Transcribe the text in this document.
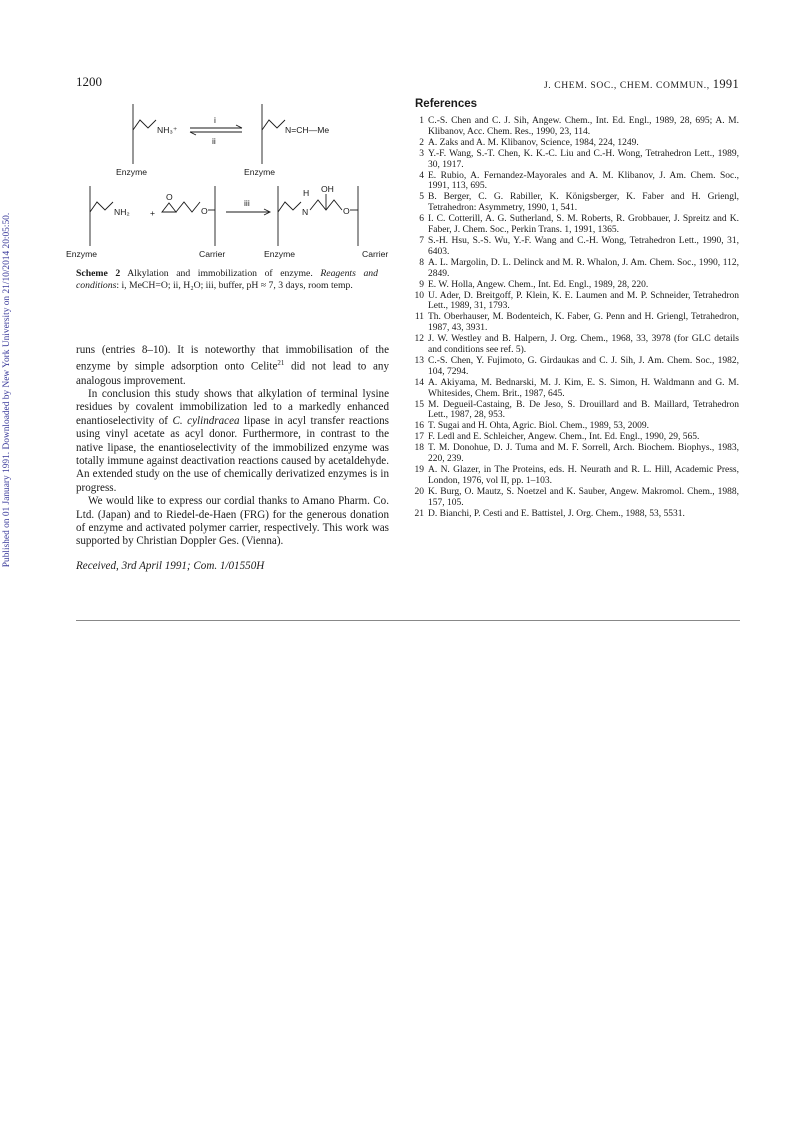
Published on 01 January 1991. Downloaded by New York University on 21/10/2014 20:05:50.
1200	J. CHEM. SOC., CHEM. COMMUN., 1991
NH₃⁺
i
ii
Enzyme
N=CH—Me
Enzyme
NH₂ +
O
O
Carrier
Enzyme
iii
H
N
OH
O
Enzyme	Carrier
Scheme 2 Alkylation and immobilization of enzyme. Reagents and conditions: i, MeCH=O; ii, H₂O; iii, buffer, pH ≈ 7, 3 days, room temp.

runs (entries 8–10). It is noteworthy that immobilisation of the enzyme by simple adsorption onto Celite$^{21}$ did not lead to any analogous improvement.

In conclusion this study shows that alkylation of terminal lysine residues by covalent immobilization led to a markedly enhanced enantioselectivity of C. cylindracea lipase in acyl transfer reactions using vinyl acetate as acyl donor. Furthermore, in contrast to the native lipase, the enantioselectivity of the immobilized enzyme was totally immune against deactivation reactions caused by acetaldehyde. An extended study on the use of chemically derivatized enzymes is in progress.

We would like to express our cordial thanks to Amano Pharm. Co. Ltd. (Japan) and to Riedel-de-Haen (FRG) for the generous donation of enzyme and activated polymer carrier, respectively. This work was supported by Christian Doppler Ges. (Vienna).

Received, 3rd April 1991; Com. 1/01550H

References
1 C.-S. Chen and C. J. Sih, Angew. Chem., Int. Ed. Engl., 1989, 28, 695; A. M. Klibanov, Acc. Chem. Res., 1990, 23, 114.
2 A. Zaks and A. M. Klibanov, Science, 1984, 224, 1249.
3 Y.-F. Wang, S.-T. Chen, K. K.-C. Liu and C.-H. Wong, Tetrahedron Lett., 1989, 30, 1917.
4 E. Rubio, A. Fernandez-Mayorales and A. M. Klibanov, J. Am. Chem. Soc., 1991, 113, 695.
5 B. Berger, C. G. Rabiller, K. Königsberger, K. Faber and H. Griengl, Tetrahedron: Asymmetry, 1990, 1, 541.
6 I. C. Cotterill, A. G. Sutherland, S. M. Roberts, R. Grobbauer, J. Spreitz and K. Faber, J. Chem. Soc., Perkin Trans. 1, 1991, 1365.
7 S.-H. Hsu, S.-S. Wu, Y.-F. Wang and C.-H. Wong, Tetrahedron Lett., 1990, 31, 6403.
8 A. L. Margolin, D. L. Delinck and M. R. Whalon, J. Am. Chem. Soc., 1990, 112, 2849.
9 E. W. Holla, Angew. Chem., Int. Ed. Engl., 1989, 28, 220.
10 U. Ader, D. Breitgoff, P. Klein, K. E. Laumen and M. P. Schneider, Tetrahedron Lett., 1989, 31, 1793.
11 Th. Oberhauser, M. Bodenteich, K. Faber, G. Penn and H. Griengl, Tetrahedron, 1987, 43, 3931.
12 J. W. Westley and B. Halpern, J. Org. Chem., 1968, 33, 3978 (for GLC details and conditions see ref. 5).
13 C.-S. Chen, Y. Fujimoto, G. Girdaukas and C. J. Sih, J. Am. Chem. Soc., 1982, 104, 7294.
14 A. Akiyama, M. Bednarski, M. J. Kim, E. S. Simon, H. Waldmann and G. M. Whitesides, Chem. Brit., 1987, 645.
15 M. Degueil-Castaing, B. De Jeso, S. Drouillard and B. Maillard, Tetrahedron Lett., 1987, 28, 953.
16 T. Sugai and H. Ohta, Agric. Biol. Chem., 1989, 53, 2009.
17 F. Ledl and E. Schleicher, Angew. Chem., Int. Ed. Engl., 1990, 29, 565.
18 T. M. Donohue, D. J. Tuma and M. F. Sorrell, Arch. Biochem. Biophys., 1983, 220, 239.
19 A. N. Glazer, in The Proteins, eds. H. Neurath and R. L. Hill, Academic Press, London, 1976, vol II, pp. 1–103.
20 K. Burg, O. Mautz, S. Noetzel and K. Sauber, Angew. Makromol. Chem., 1988, 157, 105.
21 D. Bianchi, P. Cesti and E. Battistel, J. Org. Chem., 1988, 53, 5531.
